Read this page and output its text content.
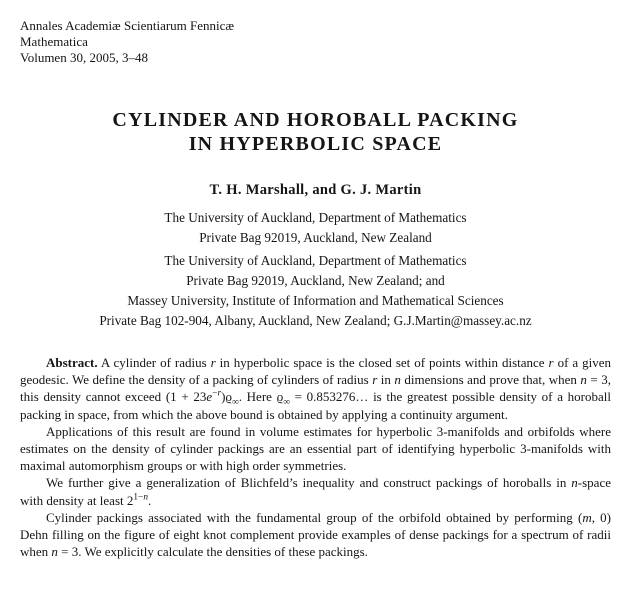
Annales Academiæ Scientiarum Fennicæ
Mathematica
Volumen 30, 2005, 3–48
CYLINDER AND HOROBALL PACKING
IN HYPERBOLIC SPACE
T. H. Marshall, and G. J. Martin
The University of Auckland, Department of Mathematics
Private Bag 92019, Auckland, New Zealand
The University of Auckland, Department of Mathematics
Private Bag 92019, Auckland, New Zealand; and
Massey University, Institute of Information and Mathematical Sciences
Private Bag 102-904, Albany, Auckland, New Zealand; G.J.Martin@massey.ac.nz

Abstract. A cylinder of radius r in hyperbolic space is the closed set of points within distance r of a given geodesic. We define the density of a packing of cylinders of radius r in n dimensions and prove that, when n = 3, this density cannot exceed $(1 + 23e^{-r})ϱ_\infty$. Here $ϱ_\infty$ = 0.853276… is the greatest possible density of a horoball packing in space, from which the above bound is obtained by applying a continuity argument.

Applications of this result are found in volume estimates for hyperbolic 3-manifolds and orbifolds where estimates on the density of cylinder packings are an essential part of identifying hyperbolic 3-manifolds with maximal automorphism groups or with high order symmetries.

We further give a generalization of Blichfeld’s inequality and construct packings of horoballs in n-space with density at least $2^{1-n}$.

Cylinder packings associated with the fundamental group of the orbifold obtained by performing (m, 0) Dehn filling on the figure of eight knot complement provide examples of dense packings for a spectrum of radii when n = 3. We explicitly calculate the densities of these packings.
